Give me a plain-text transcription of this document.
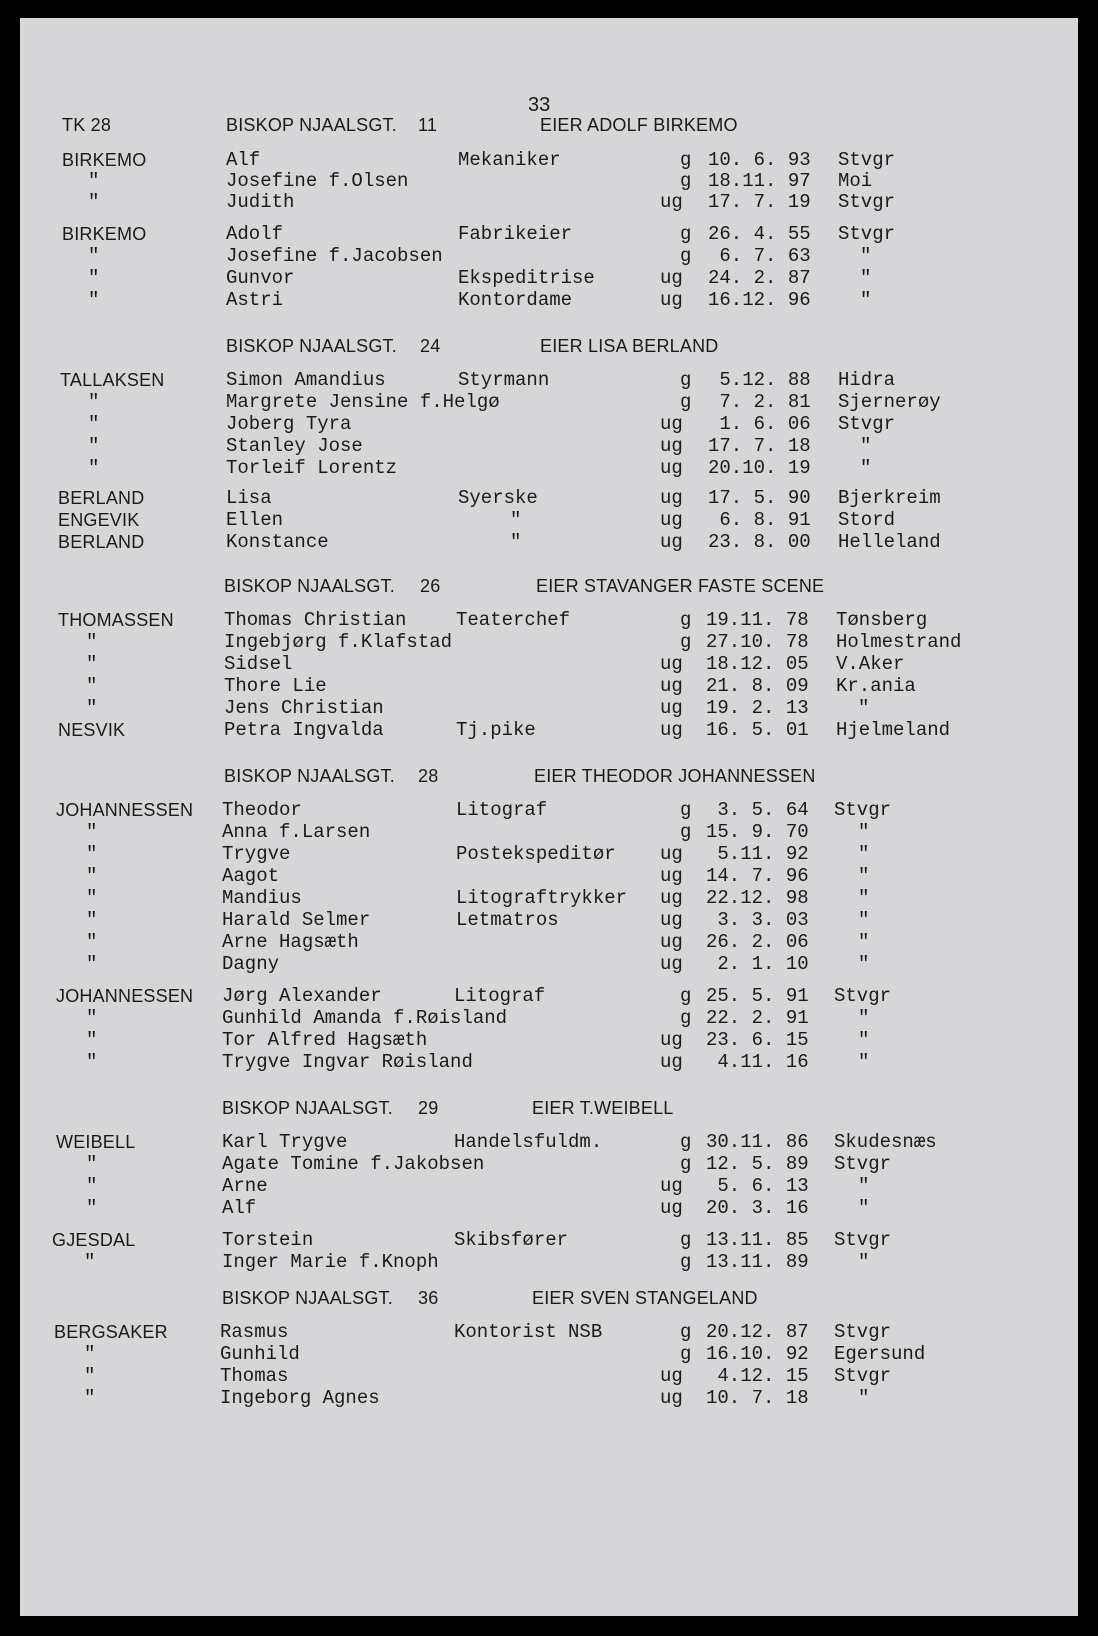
33
TK 28	BISKOP NJAALSGT. 11	EIER ADOLF BIRKEMO
BIRKEMO	Alf	Mekaniker	g 10. 6. 93 Stvgr
"	Josefine f.Olsen	g 18.11. 97 Moi
"	Judith	ug 17. 7. 19 Stvgr
BIRKEMO	Adolf	Fabrikeier	g 26. 4. 55 Stvgr
"	Josefine f.Jacobsen	g 6. 7. 63	"
"	Gunvor	Ekspeditrise	ug 24. 2. 87	"
"	Astri	Kontordame	ug 16.12. 96	"
BISKOP NJAALSGT. 24	EIER LISA BERLAND
TALLAKSEN	Simon Amandius	Styrmann	g 5.12. 88 Hidra
"	Margrete Jensine f.Helgø	g 7. 2. 81 Sjernerøy
"	Joberg Tyra	ug 1. 6. 06 Stvgr
"	Stanley Jose	ug 17. 7. 18	"
"	Torleif Lorentz	ug 20.10. 19	"
BERLAND	Lisa	Syerske	ug 17. 5. 90 Bjerkreim
ENGEVIK	Ellen	"	ug 6. 8. 91 Stord
BERLAND	Konstance	"	ug 23. 8. 00 Helleland
BISKOP NJAALSGT. 26	EIER STAVANGER FASTE SCENE
THOMASSEN	Thomas Christian	Teaterchef	g 19.11. 78 Tønsberg
"	Ingebjørg f.Klafstad	g 27.10. 78 Holmestrand
"	Sidsel	ug 18.12. 05 V.Aker
"	Thore Lie	ug 21. 8. 09 Kr.ania
"	Jens Christian	ug 19. 2. 13	"
NESVIK	Petra Ingvalda	Tj.pike	ug 16. 5. 01 Hjelmeland
BISKOP NJAALSGT. 28	EIER THEODOR JOHANNESSEN
JOHANNESSEN Theodor	Litograf	g 3. 5. 64 Stvgr
"	Anna f.Larsen	g 15. 9. 70	"
"	Trygve	Postekspeditør ug 5.11. 92	"
"	Aagot	ug 14. 7. 96	"
"	Mandius	Litograftrykker ug 22.12. 98	"
"	Harald Selmer	Letmatros	ug 3. 3. 03	"
"	Arne Hagsæth	ug 26. 2. 06	"
"	Dagny	ug 2. 1. 10	"
JOHANNESSEN Jørg Alexander	Litograf	g 25. 5. 91 Stvgr
"	Gunhild Amanda f.Røisland	g 22. 2. 91	"
"	Tor Alfred Hagsæth	ug 23. 6. 15	"
"	Trygve Ingvar Røisland	ug 4.11. 16	"
BISKOP NJAALSGT. 29	EIER T.WEIBELL
WEIBELL	Karl Trygve	Handelsfuldm.	g 30.11. 86 Skudesnæs
"	Agate Tomine f.Jakobsen	g 12. 5. 89 Stvgr
"	Arne	ug 5. 6. 13	"
"	Alf	ug 20. 3. 16	"
GJESDAL	Torstein	Skibsfører	g 13.11. 85 Stvgr
"	Inger Marie f.Knoph	g 13.11. 89	"
BISKOP NJAALSGT. 36	EIER SVEN STANGELAND
BERGSAKER	Rasmus	Kontorist NSB	g 20.12. 87 Stvgr
"	Gunhild	g 16.10. 92 Egersund
"	Thomas	ug 4.12. 15 Stvgr
"	Ingeborg Agnes	ug 10. 7. 18	"
